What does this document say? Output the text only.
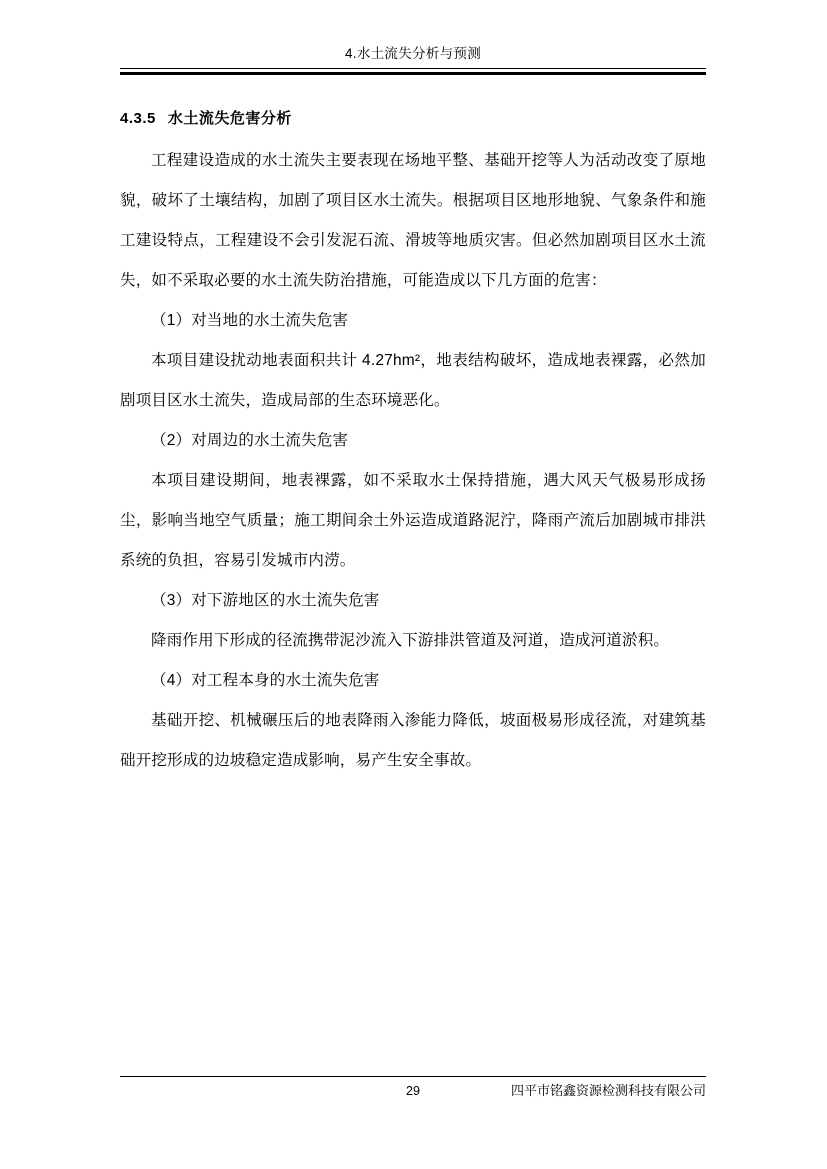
4.水土流失分析与预测
4.3.5 水土流失危害分析

工程建设造成的水土流失主要表现在场地平整、基础开挖等人为活动改变了原地貌，破坏了土壤结构，加剧了项目区水土流失。根据项目区地形地貌、气象条件和施工建设特点，工程建设不会引发泥石流、滑坡等地质灾害。但必然加剧项目区水土流失，如不采取必要的水土流失防治措施，可能造成以下几方面的危害：

（1）对当地的水土流失危害

本项目建设扰动地表面积共计 4.27hm²，地表结构破坏，造成地表裸露，必然加剧项目区水土流失，造成局部的生态环境恶化。

（2）对周边的水土流失危害

本项目建设期间，地表裸露，如不采取水土保持措施，遇大风天气极易形成扬尘，影响当地空气质量；施工期间余土外运造成道路泥泞，降雨产流后加剧城市排洪系统的负担，容易引发城市内涝。

（3）对下游地区的水土流失危害

降雨作用下形成的径流携带泥沙流入下游排洪管道及河道，造成河道淤积。

（4）对工程本身的水土流失危害

基础开挖、机械碾压后的地表降雨入渗能力降低，坡面极易形成径流，对建筑基础开挖形成的边坡稳定造成影响，易产生安全事故。

29	四平市铭鑫资源检测科技有限公司
